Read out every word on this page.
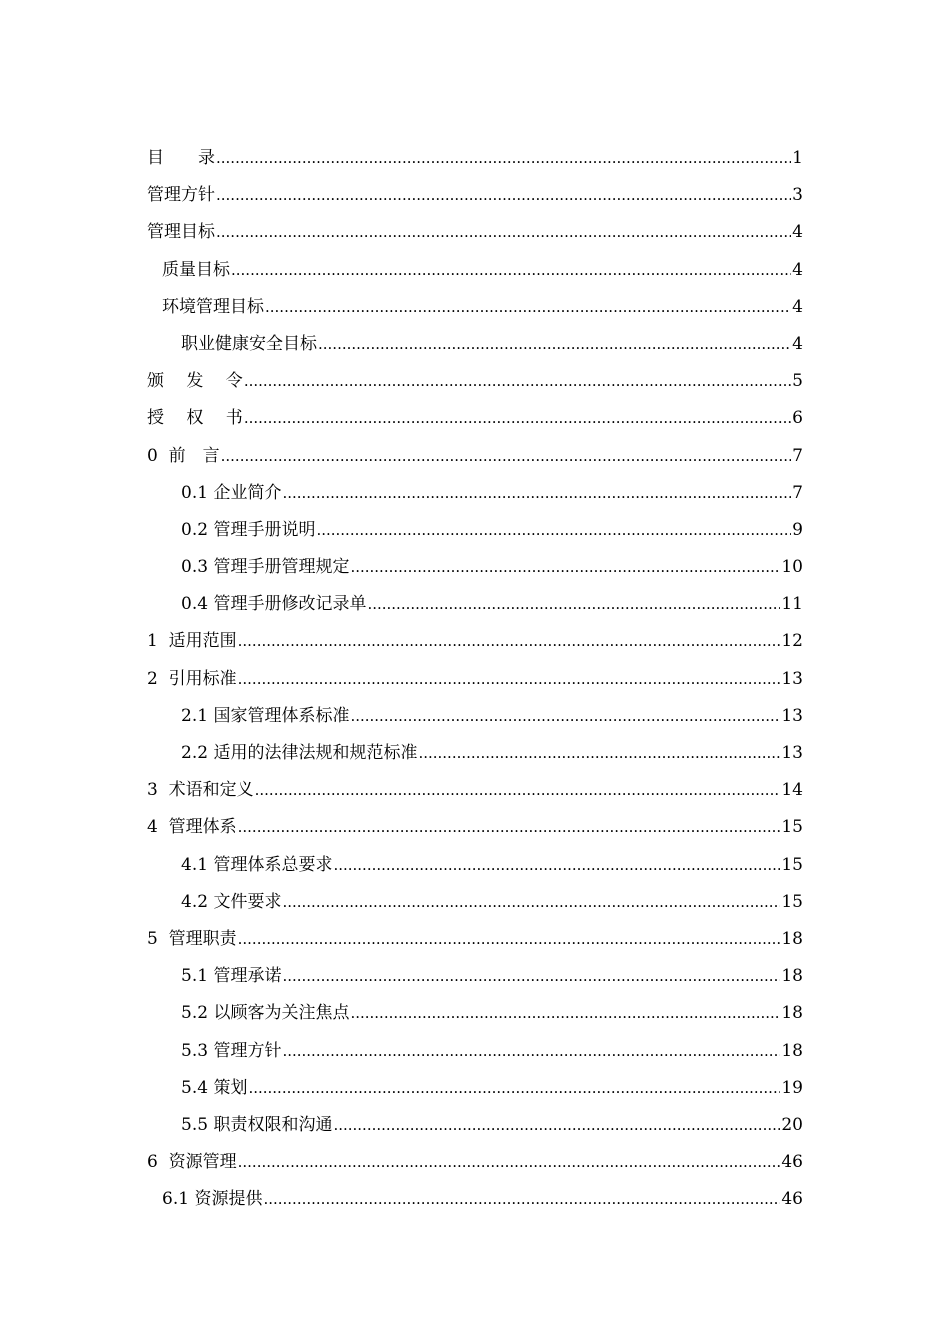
目　　录 .....	1
管理方针 .....	3
管理目标 .....	4
质量目标 .....	4
环境管理目标 .....	4
职业健康安全目标 .....	4
颁　 发　 令 .....	5
授　 权　 书 .....	6
0  前　言 .....	7
0.1 企业简介 .....	7
0.2 管理手册说明 .....	9
0.3 管理手册管理规定 .....	10
0.4 管理手册修改记录单 .....	11
1  适用范围 .....	12
2  引用标准 .....	13
2.1 国家管理体系标准 .....	13
2.2 适用的法律法规和规范标准 .....	13
3  术语和定义 .....	14
4  管理体系 .....	15
4.1 管理体系总要求 .....	15
4.2 文件要求 .....	15
5  管理职责 .....	18
5.1 管理承诺 .....	18
5.2 以顾客为关注焦点 .....	18
5.3 管理方针 .....	18
5.4 策划 .....	19
5.5 职责权限和沟通 .....	20
6  资源管理 .....	46
6.1 资源提供 .....	46
